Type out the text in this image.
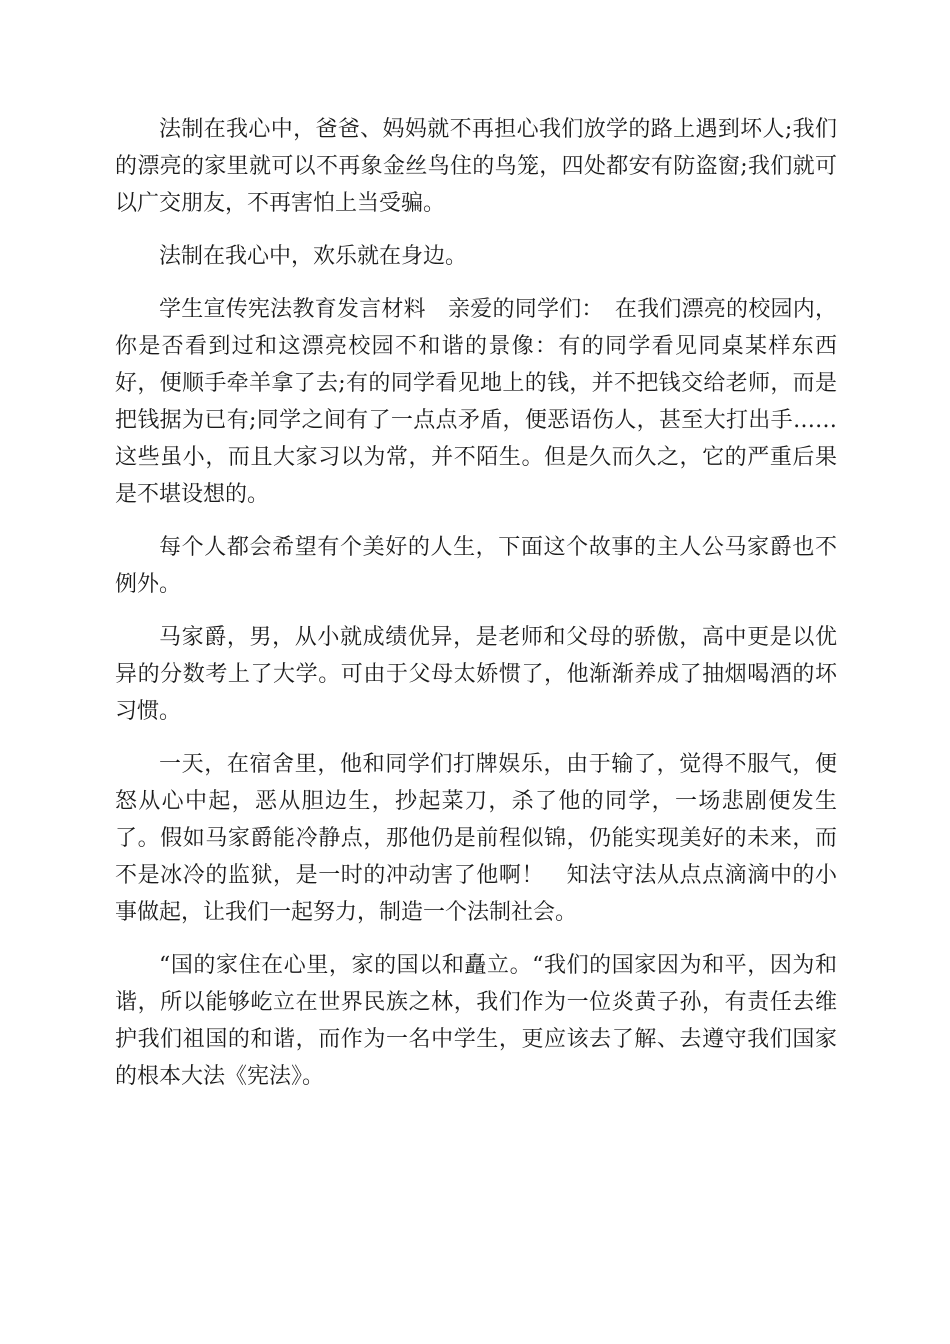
法制在我心中，爸爸、妈妈就不再担心我们放学的路上遇到坏人;我们的漂亮的家里就可以不再象金丝鸟住的鸟笼，四处都安有防盗窗;我们就可以广交朋友，不再害怕上当受骗。

法制在我心中，欢乐就在身边。

学生宣传宪法教育发言材料　亲爱的同学们：　在我们漂亮的校园内，你是否看到过和这漂亮校园不和谐的景像：有的同学看见同桌某样东西好，便顺手牵羊拿了去;有的同学看见地上的钱，并不把钱交给老师，而是把钱据为已有;同学之间有了一点点矛盾，便恶语伤人，甚至大打出手……这些虽小，而且大家习以为常，并不陌生。但是久而久之，它的严重后果是不堪设想的。

每个人都会希望有个美好的人生，下面这个故事的主人公马家爵也不例外。

马家爵，男，从小就成绩优异，是老师和父母的骄傲，高中更是以优异的分数考上了大学。可由于父母太娇惯了，他渐渐养成了抽烟喝酒的坏习惯。

一天，在宿舍里，他和同学们打牌娱乐，由于输了，觉得不服气，便怒从心中起，恶从胆边生，抄起菜刀，杀了他的同学，一场悲剧便发生了。假如马家爵能冷静点，那他仍是前程似锦，仍能实现美好的未来，而不是冰冷的监狱，是一时的冲动害了他啊！　知法守法从点点滴滴中的小事做起，让我们一起努力，制造一个法制社会。

“国的家住在心里，家的国以和矗立。“我们的国家因为和平，因为和谐，所以能够屹立在世界民族之林，我们作为一位炎黄子孙，有责任去维护我们祖国的和谐，而作为一名中学生，更应该去了解、去遵守我们国家的根本大法《宪法》。
